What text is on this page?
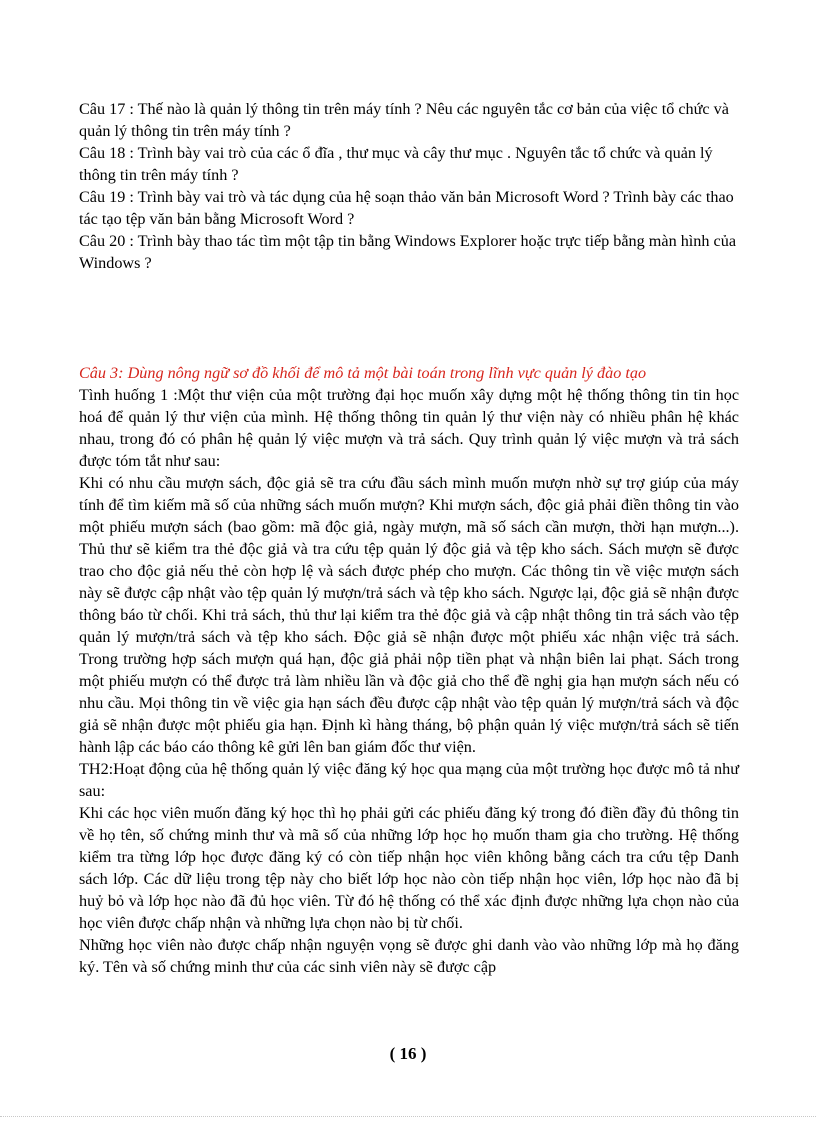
Câu 17 : Thế nào là quản lý thông tin trên máy tính ? Nêu các nguyên tắc cơ bản của việc tổ chức và quản lý thông tin trên máy tính ?

Câu 18 : Trình bày vai trò của các ổ đĩa , thư mục và cây thư mục . Nguyên tắc tổ chức và quản lý thông tin trên máy tính ?

Câu 19 : Trình bày vai trò và tác dụng của hệ soạn thảo văn bản Microsoft Word ? Trình bày các thao tác tạo tệp văn bản bằng Microsoft Word ?

Câu 20 : Trình bày thao tác tìm một tập tin bằng Windows Explorer hoặc trực tiếp bằng màn hình của Windows ?

Câu 3: Dùng nông ngữ sơ đồ khối để mô tả một bài toán trong lĩnh vực quản lý đào tạo

Tình huống 1 :Một thư viện của một trường đại học muốn xây dựng một hệ thống thông tin tin học hoá để quản lý thư viện của mình. Hệ thống thông tin quản lý thư viện này có nhiều phân hệ khác nhau, trong đó có phân hệ quản lý việc mượn và trả sách. Quy trình quản lý việc mượn và trả sách được tóm tắt như sau:

Khi có nhu cầu mượn sách, độc giả sẽ tra cứu đầu sách mình muốn mượn nhờ sự trợ giúp của máy tính để tìm kiếm mã số của những sách muốn mượn? Khi mượn sách, độc giả phải điền thông tin vào một phiếu mượn sách (bao gồm: mã độc giả, ngày mượn, mã số sách cần mượn, thời hạn mượn...). Thủ thư sẽ kiểm tra thẻ độc giả và tra cứu tệp quản lý độc giả và tệp kho sách. Sách mượn sẽ được trao cho độc giả nếu thẻ còn hợp lệ và sách được phép cho mượn. Các thông tin về việc mượn sách này sẽ được cập nhật vào tệp quản lý mượn/trả sách và tệp kho sách. Ngược lại, độc giả sẽ nhận được thông báo từ chối. Khi trả sách, thủ thư lại kiểm tra thẻ độc giả và cập nhật thông tin trả sách vào tệp quản lý mượn/trả sách và tệp kho sách. Độc giả sẽ nhận được một phiếu xác nhận việc trả sách. Trong trường hợp sách mượn quá hạn, độc giả phải nộp tiền phạt và nhận biên lai phạt. Sách trong một phiếu mượn có thể được trả làm nhiều lần và độc giả cho thể đề nghị gia hạn mượn sách nếu có nhu cầu. Mọi thông tin về việc gia hạn sách đều được cập nhật vào tệp quản lý mượn/trả sách và độc giả sẽ nhận được một phiếu gia hạn. Định kì hàng tháng, bộ phận quản lý việc mượn/trả sách sẽ tiến hành lập các báo cáo thông kê gửi lên ban giám đốc thư viện.

TH2:Hoạt động của hệ thống quản lý việc đăng ký học qua mạng của một trường học được mô tả như sau:

Khi các học viên muốn đăng ký học thì họ phải gửi các phiếu đăng ký trong đó điền đầy đủ thông tin về họ tên, số chứng minh thư và mã số của những lớp học họ muốn tham gia cho trường. Hệ thống kiểm tra từng lớp học được đăng ký có còn tiếp nhận học viên không bằng cách tra cứu tệp Danh sách lớp. Các dữ liệu trong tệp này cho biết lớp học nào còn tiếp nhận học viên, lớp học nào đã bị huỷ bỏ và lớp học nào đã đủ học viên. Từ đó hệ thống có thể xác định được những lựa chọn nào của học viên được chấp nhận và những lựa chọn nào bị từ chối.

Những học viên nào được chấp nhận nguyện vọng sẽ được ghi danh vào vào những lớp mà họ đăng ký. Tên và số chứng minh thư của các sinh viên này sẽ được cập

( 16 )
